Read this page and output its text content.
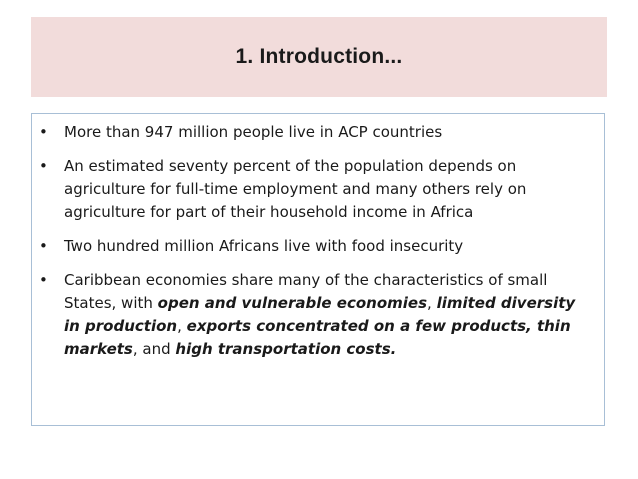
1. Introduction...
• More than 947 million people live in ACP countries
• An estimated seventy percent of the population depends on agriculture for full-time employment and many others rely on agriculture for part of their household income in Africa
• Two hundred million Africans live with food insecurity
• Caribbean economies share many of the characteristics of small States, with open and vulnerable economies, limited diversity in production, exports concentrated on a few products, thin markets, and high transportation costs.
